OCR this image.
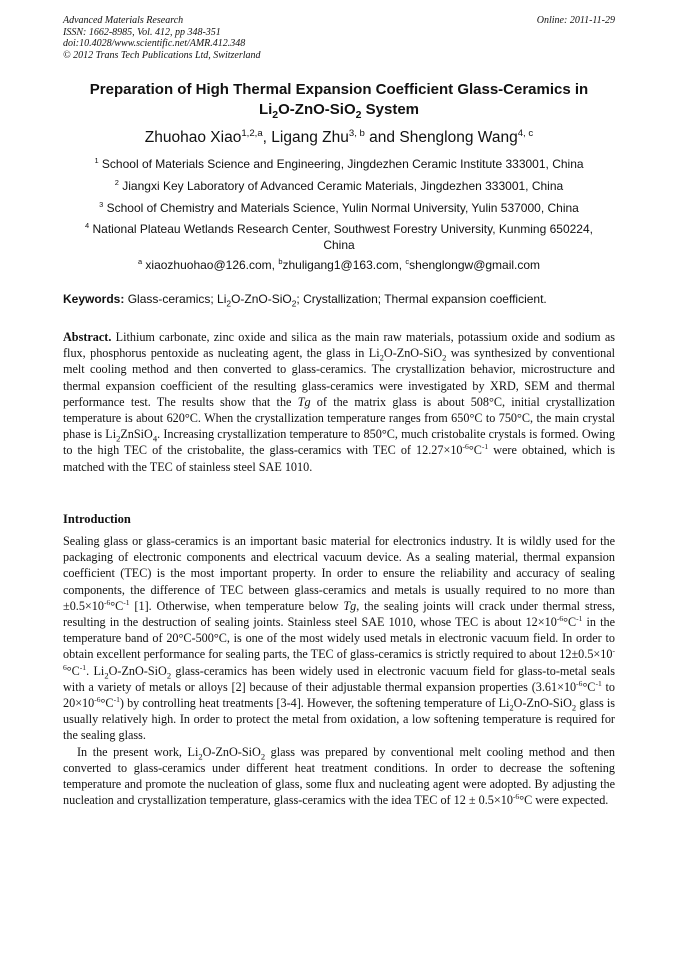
Advanced Materials Research
ISSN: 1662-8985, Vol. 412, pp 348-351
doi:10.4028/www.scientific.net/AMR.412.348
© 2012 Trans Tech Publications Ltd, Switzerland
Online: 2011-11-29
Preparation of High Thermal Expansion Coefficient Glass-Ceramics in
$Li_2O-ZnO-SiO_2$ System
Zhuohao Xiao$^{1,2,a}$, Ligang Zhu$^{3, b}$ and Shenglong Wang$^{4, c}$
$^1$ School of Materials Science and Engineering, Jingdezhen Ceramic Institute 333001, China
$^2$ Jiangxi Key Laboratory of Advanced Ceramic Materials, Jingdezhen 333001, China
$^3$ School of Chemistry and Materials Science, Yulin Normal University, Yulin 537000, China
$^4$ National Plateau Wetlands Research Center, Southwest Forestry University, Kunming 650224, China
$^a$ xiaozhuohao@126.com, $^b$zhuligang1@163.com, $^c$shenglongw@gmail.com
Keywords: Glass-ceramics; $Li_2O-ZnO-SiO_2$; Crystallization; Thermal expansion coefficient.
Abstract. Lithium carbonate, zinc oxide and silica as the main raw materials, potassium oxide and sodium as flux, phosphorus pentoxide as nucleating agent, the glass in $Li_2O-ZnO-SiO_2$ was synthesized by conventional melt cooling method and then converted to glass-ceramics. The crystallization behavior, microstructure and thermal expansion coefficient of the resulting glass-ceramics were investigated by XRD, SEM and thermal performance test. The results show that the Tg of the matrix glass is about 508°C, initial crystallization temperature is about 620°C. When the crystallization temperature ranges from 650°C to 750°C, the main crystal phase is $Li_2ZnSiO_4$. Increasing crystallization temperature to 850°C, much cristobalite crystals is formed. Owing to the high TEC of the cristobalite, the glass-ceramics with TEC of $12.27\times 10^{-6}^\circ C^{-1}$ were obtained, which is matched with the TEC of stainless steel SAE 1010.
Introduction

Sealing glass or glass-ceramics is an important basic material for electronics industry. It is wildly used for the packaging of electronic components and electrical vacuum device. As a sealing material, thermal expansion coefficient (TEC) is the most important property. In order to ensure the reliability and accuracy of sealing components, the difference of TEC between glass-ceramics and metals is usually required to no more than $\pm 0.5\times 10^{-6}^\circ C^{-1}$ [1]. Otherwise, when temperature below Tg, the sealing joints will crack under thermal stress, resulting in the destruction of sealing joints. Stainless steel SAE 1010, whose TEC is about $12\times 10^{-6}^\circ C^{-1}$ in the temperature band of 20°C-500°C, is one of the most widely used metals in electronic vacuum field. In order to obtain excellent performance for sealing parts, the TEC of glass-ceramics is strictly required to about $12\pm 0.5\times 10^{-6}^\circ C^{-1}$. $Li_2O-ZnO-SiO_2$ glass-ceramics has been widely used in electronic vacuum field for glass-to-metal seals with a variety of metals or alloys [2] because of their adjustable thermal expansion properties ($3.61\times 10^{-6}^\circ C^{-1}$ to $20\times 10^{-6}^\circ C^{-1}$) by controlling heat treatments [3-4]. However, the softening temperature of $Li_2O-ZnO-SiO_2$ glass is usually relatively high. In order to protect the metal from oxidation, a low softening temperature is required for the sealing glass.

In the present work, $Li_2O-ZnO-SiO_2$ glass was prepared by conventional melt cooling method and then converted to glass-ceramics under different heat treatment conditions. In order to decrease the softening temperature and promote the nucleation of glass, some flux and nucleating agent were adopted. By adjusting the nucleation and crystallization temperature, glass-ceramics with the idea TEC of $12 \pm 0.5\times 10^{-6}^\circ C$ were expected.
